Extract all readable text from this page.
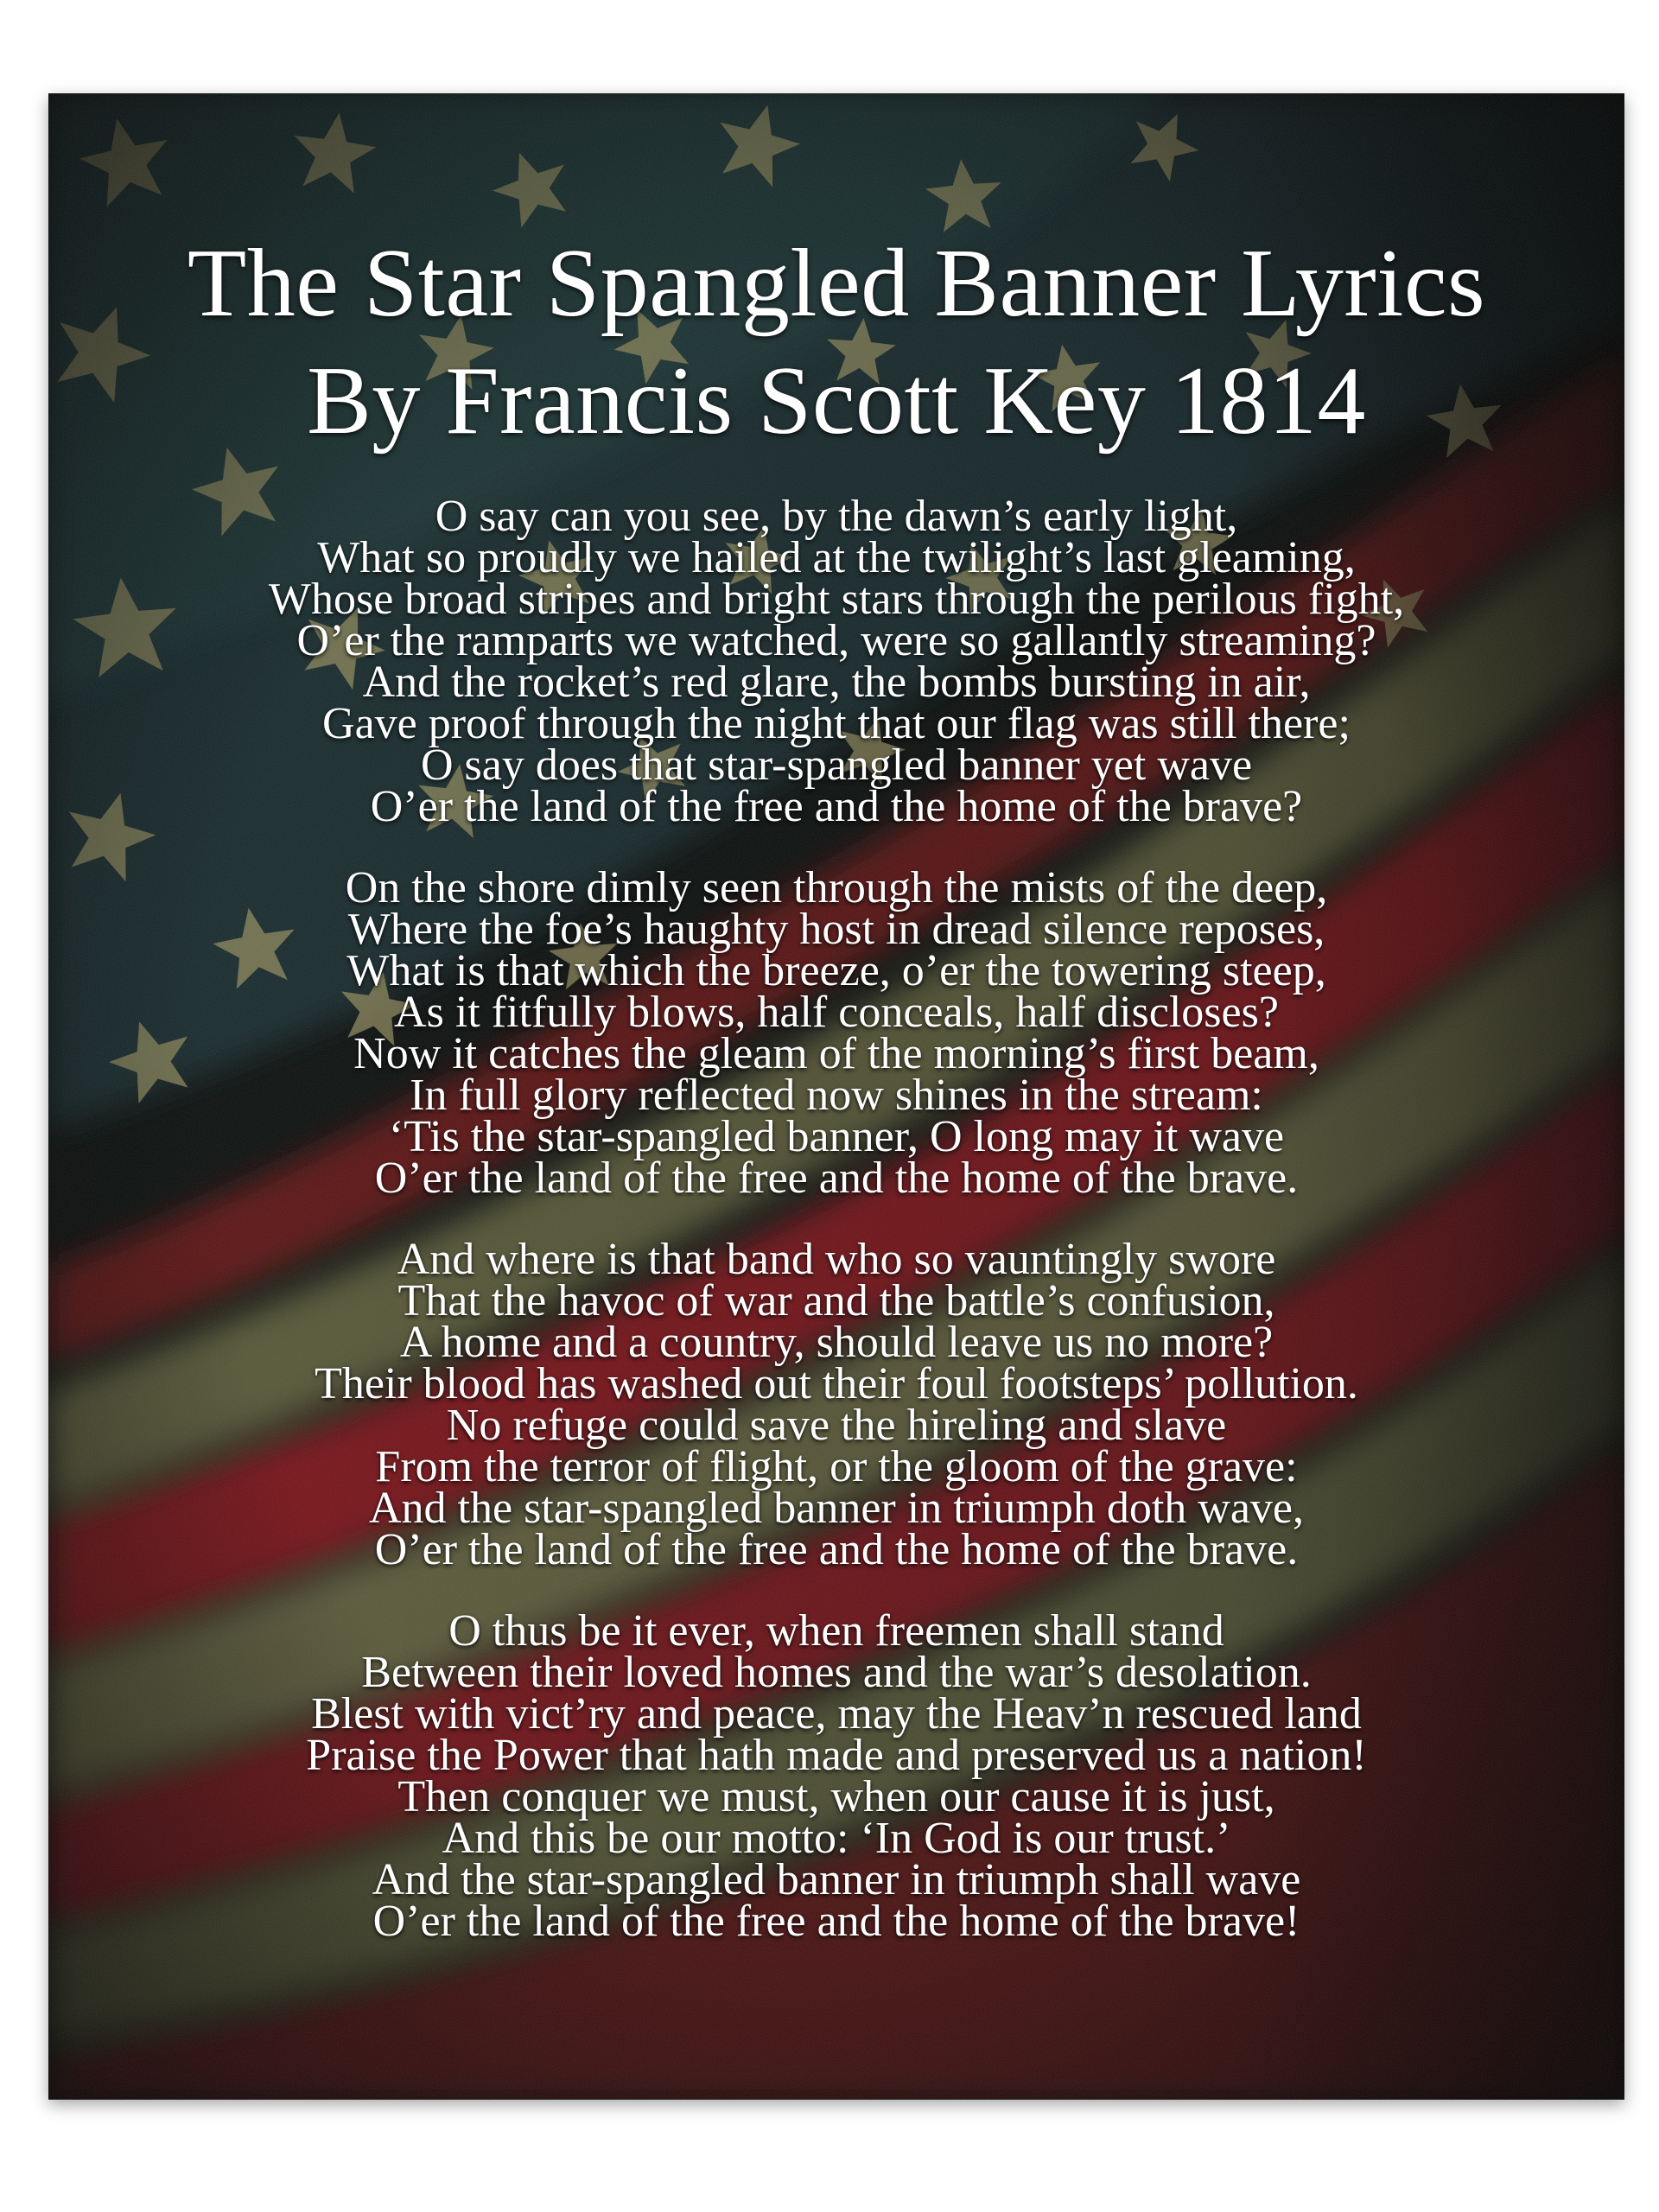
The Star Spangled Banner Lyrics
By Francis Scott Key 1814
O say can you see, by the dawn’s early light,
What so proudly we hailed at the twilight’s last gleaming,
Whose broad stripes and bright stars through the perilous fight,
O’er the ramparts we watched, were so gallantly streaming?
And the rocket’s red glare, the bombs bursting in air,
Gave proof through the night that our flag was still there;
O say does that star-spangled banner yet wave
O’er the land of the free and the home of the brave?
On the shore dimly seen through the mists of the deep,
Where the foe’s haughty host in dread silence reposes,
What is that which the breeze, o’er the towering steep,
As it fitfully blows, half conceals, half discloses?
Now it catches the gleam of the morning’s first beam,
In full glory reflected now shines in the stream:
‘Tis the star-spangled banner, O long may it wave
O’er the land of the free and the home of the brave.
And where is that band who so vauntingly swore
That the havoc of war and the battle’s confusion,
A home and a country, should leave us no more?
Their blood has washed out their foul footsteps’ pollution.
No refuge could save the hireling and slave
From the terror of flight, or the gloom of the grave:
And the star-spangled banner in triumph doth wave,
O’er the land of the free and the home of the brave.
O thus be it ever, when freemen shall stand
Between their loved homes and the war’s desolation.
Blest with vict’ry and peace, may the Heav’n rescued land
Praise the Power that hath made and preserved us a nation!
Then conquer we must, when our cause it is just,
And this be our motto: ‘In God is our trust.’
And the star-spangled banner in triumph shall wave
O’er the land of the free and the home of the brave!
